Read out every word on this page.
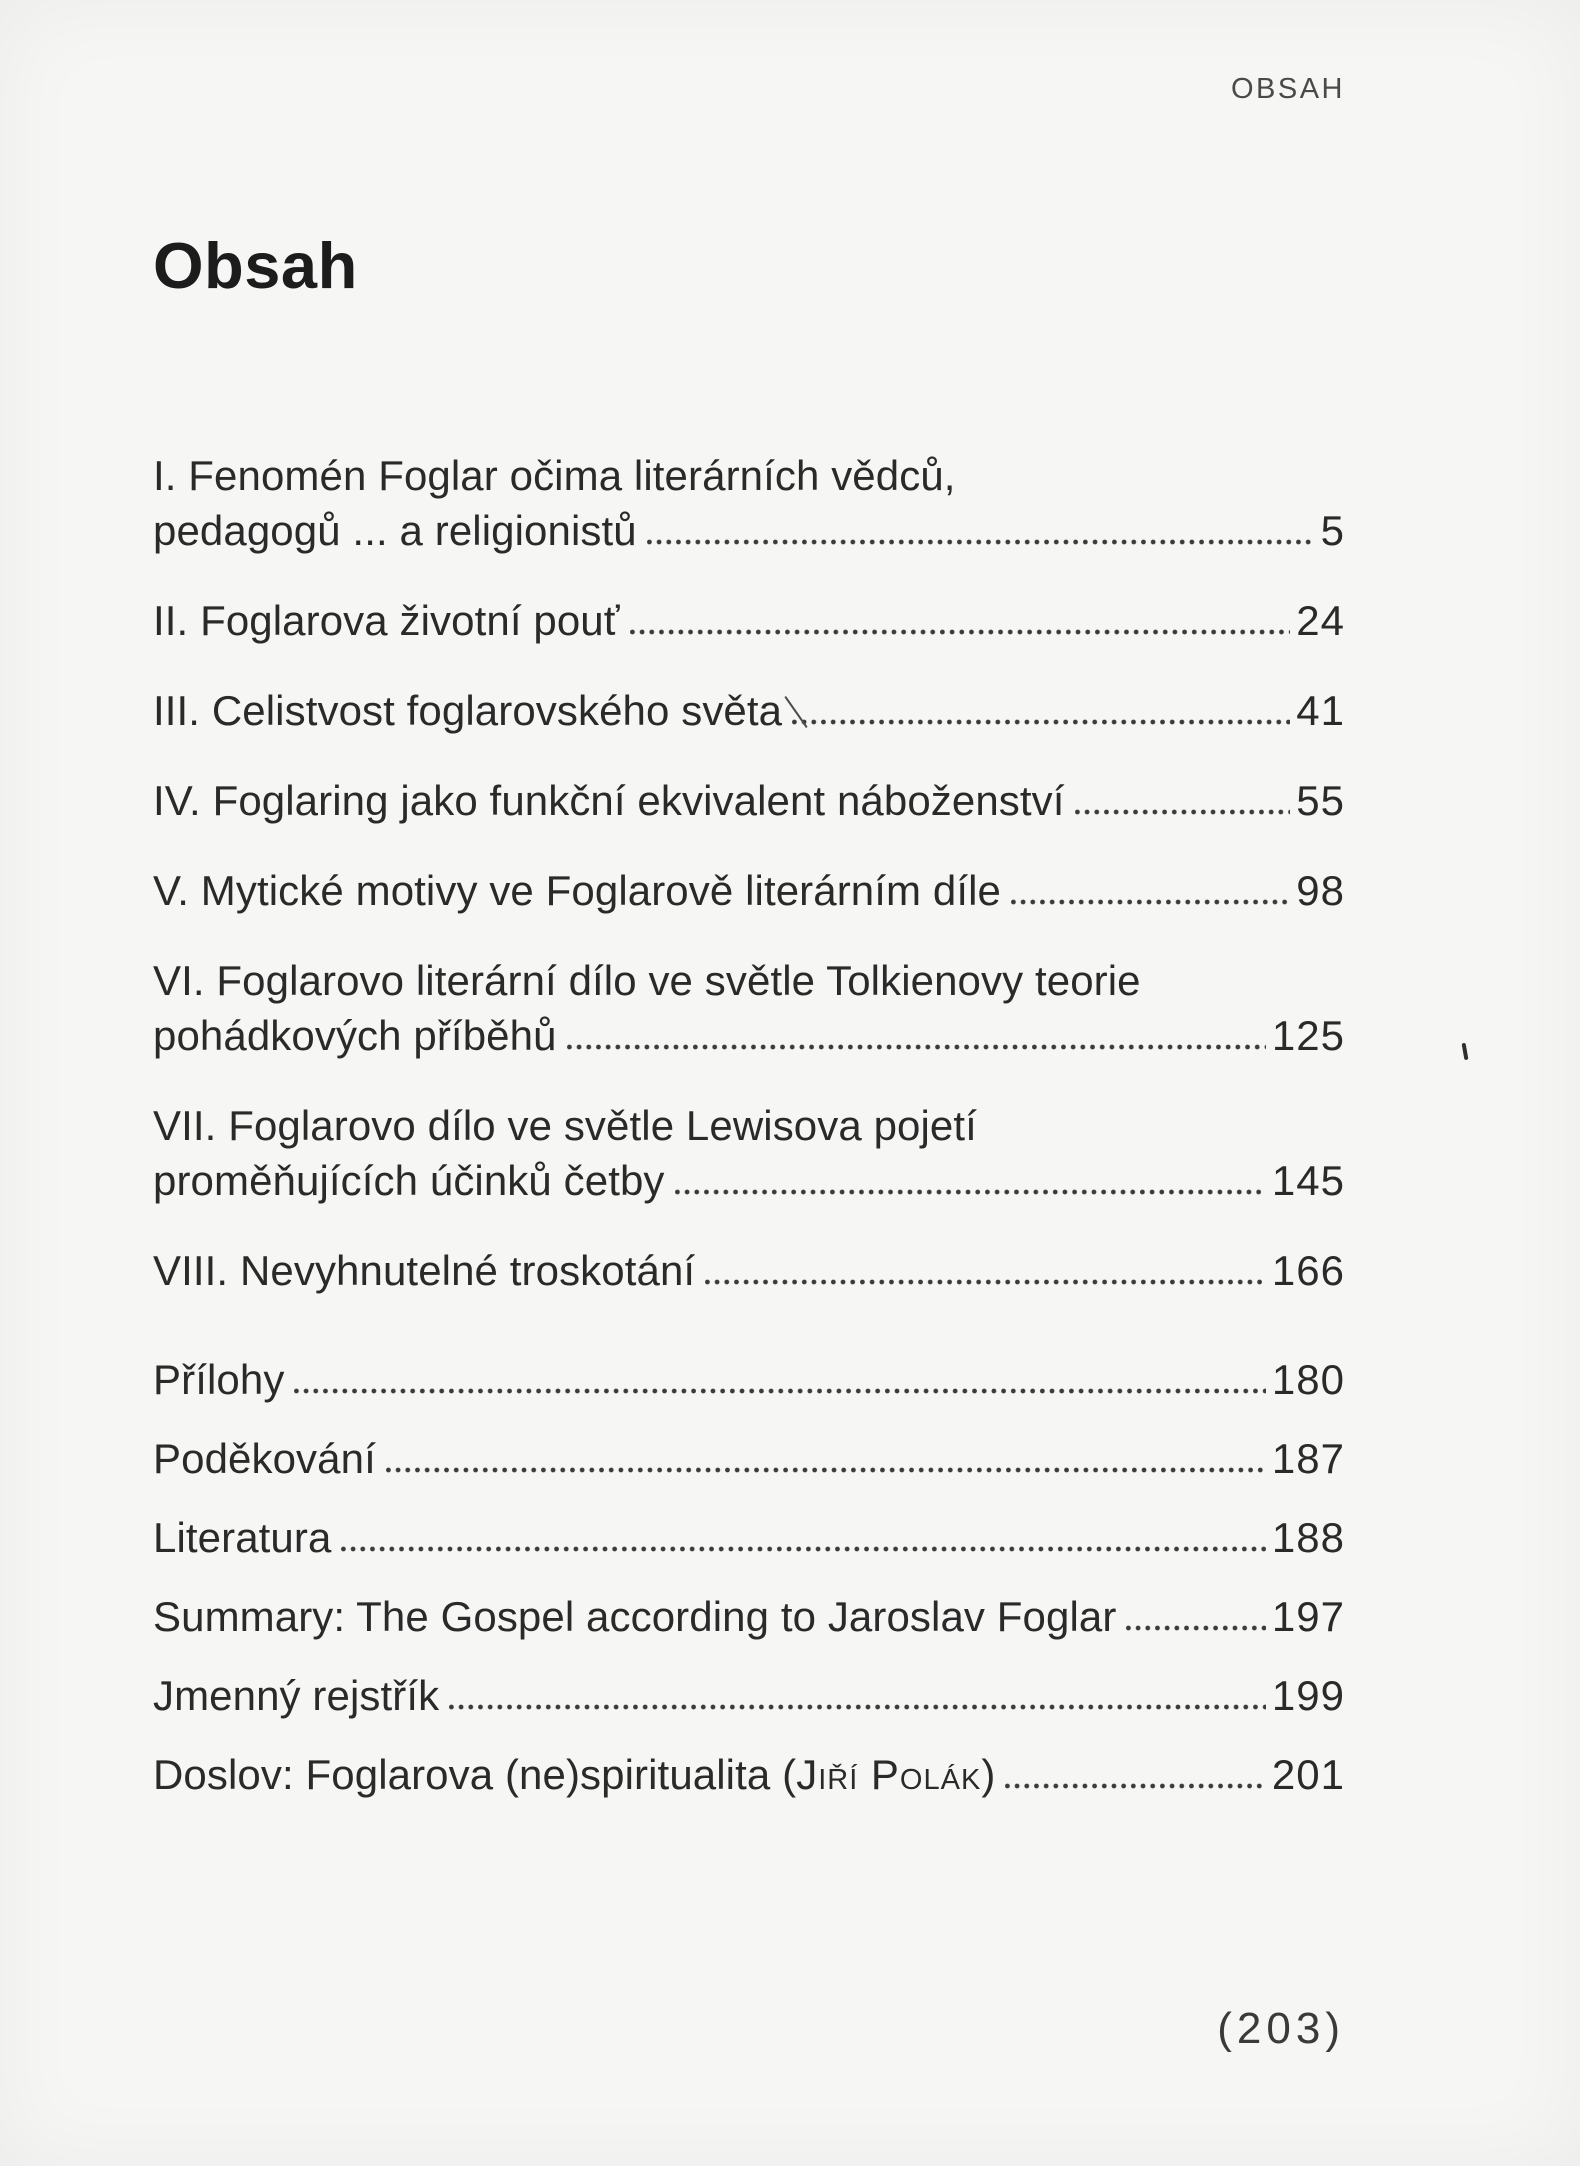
OBSAH
Obsah
I. Fenomén Foglar očima literárních vědců,
pedagogů ... a religionistů	5
II. Foglarova životní pouť	24
III. Celistvost foglarovského světa	41
IV. Foglaring jako funkční ekvivalent náboženství	55
V. Mytické motivy ve Foglarově literárním díle	98
VI. Foglarovo literární dílo ve světle Tolkienovy teorie
pohádkových příběhů	125
VII. Foglarovo dílo ve světle Lewisova pojetí
proměňujících účinků četby	145
VIII. Nevyhnutelné troskotání	166
Přílohy	180
Poděkování	187
Literatura	188
Summary: The Gospel according to Jaroslav Foglar	197
Jmenný rejstřík	199
Doslov: Foglarova (ne)spiritualita (Jiří Polák)	201
(203)
